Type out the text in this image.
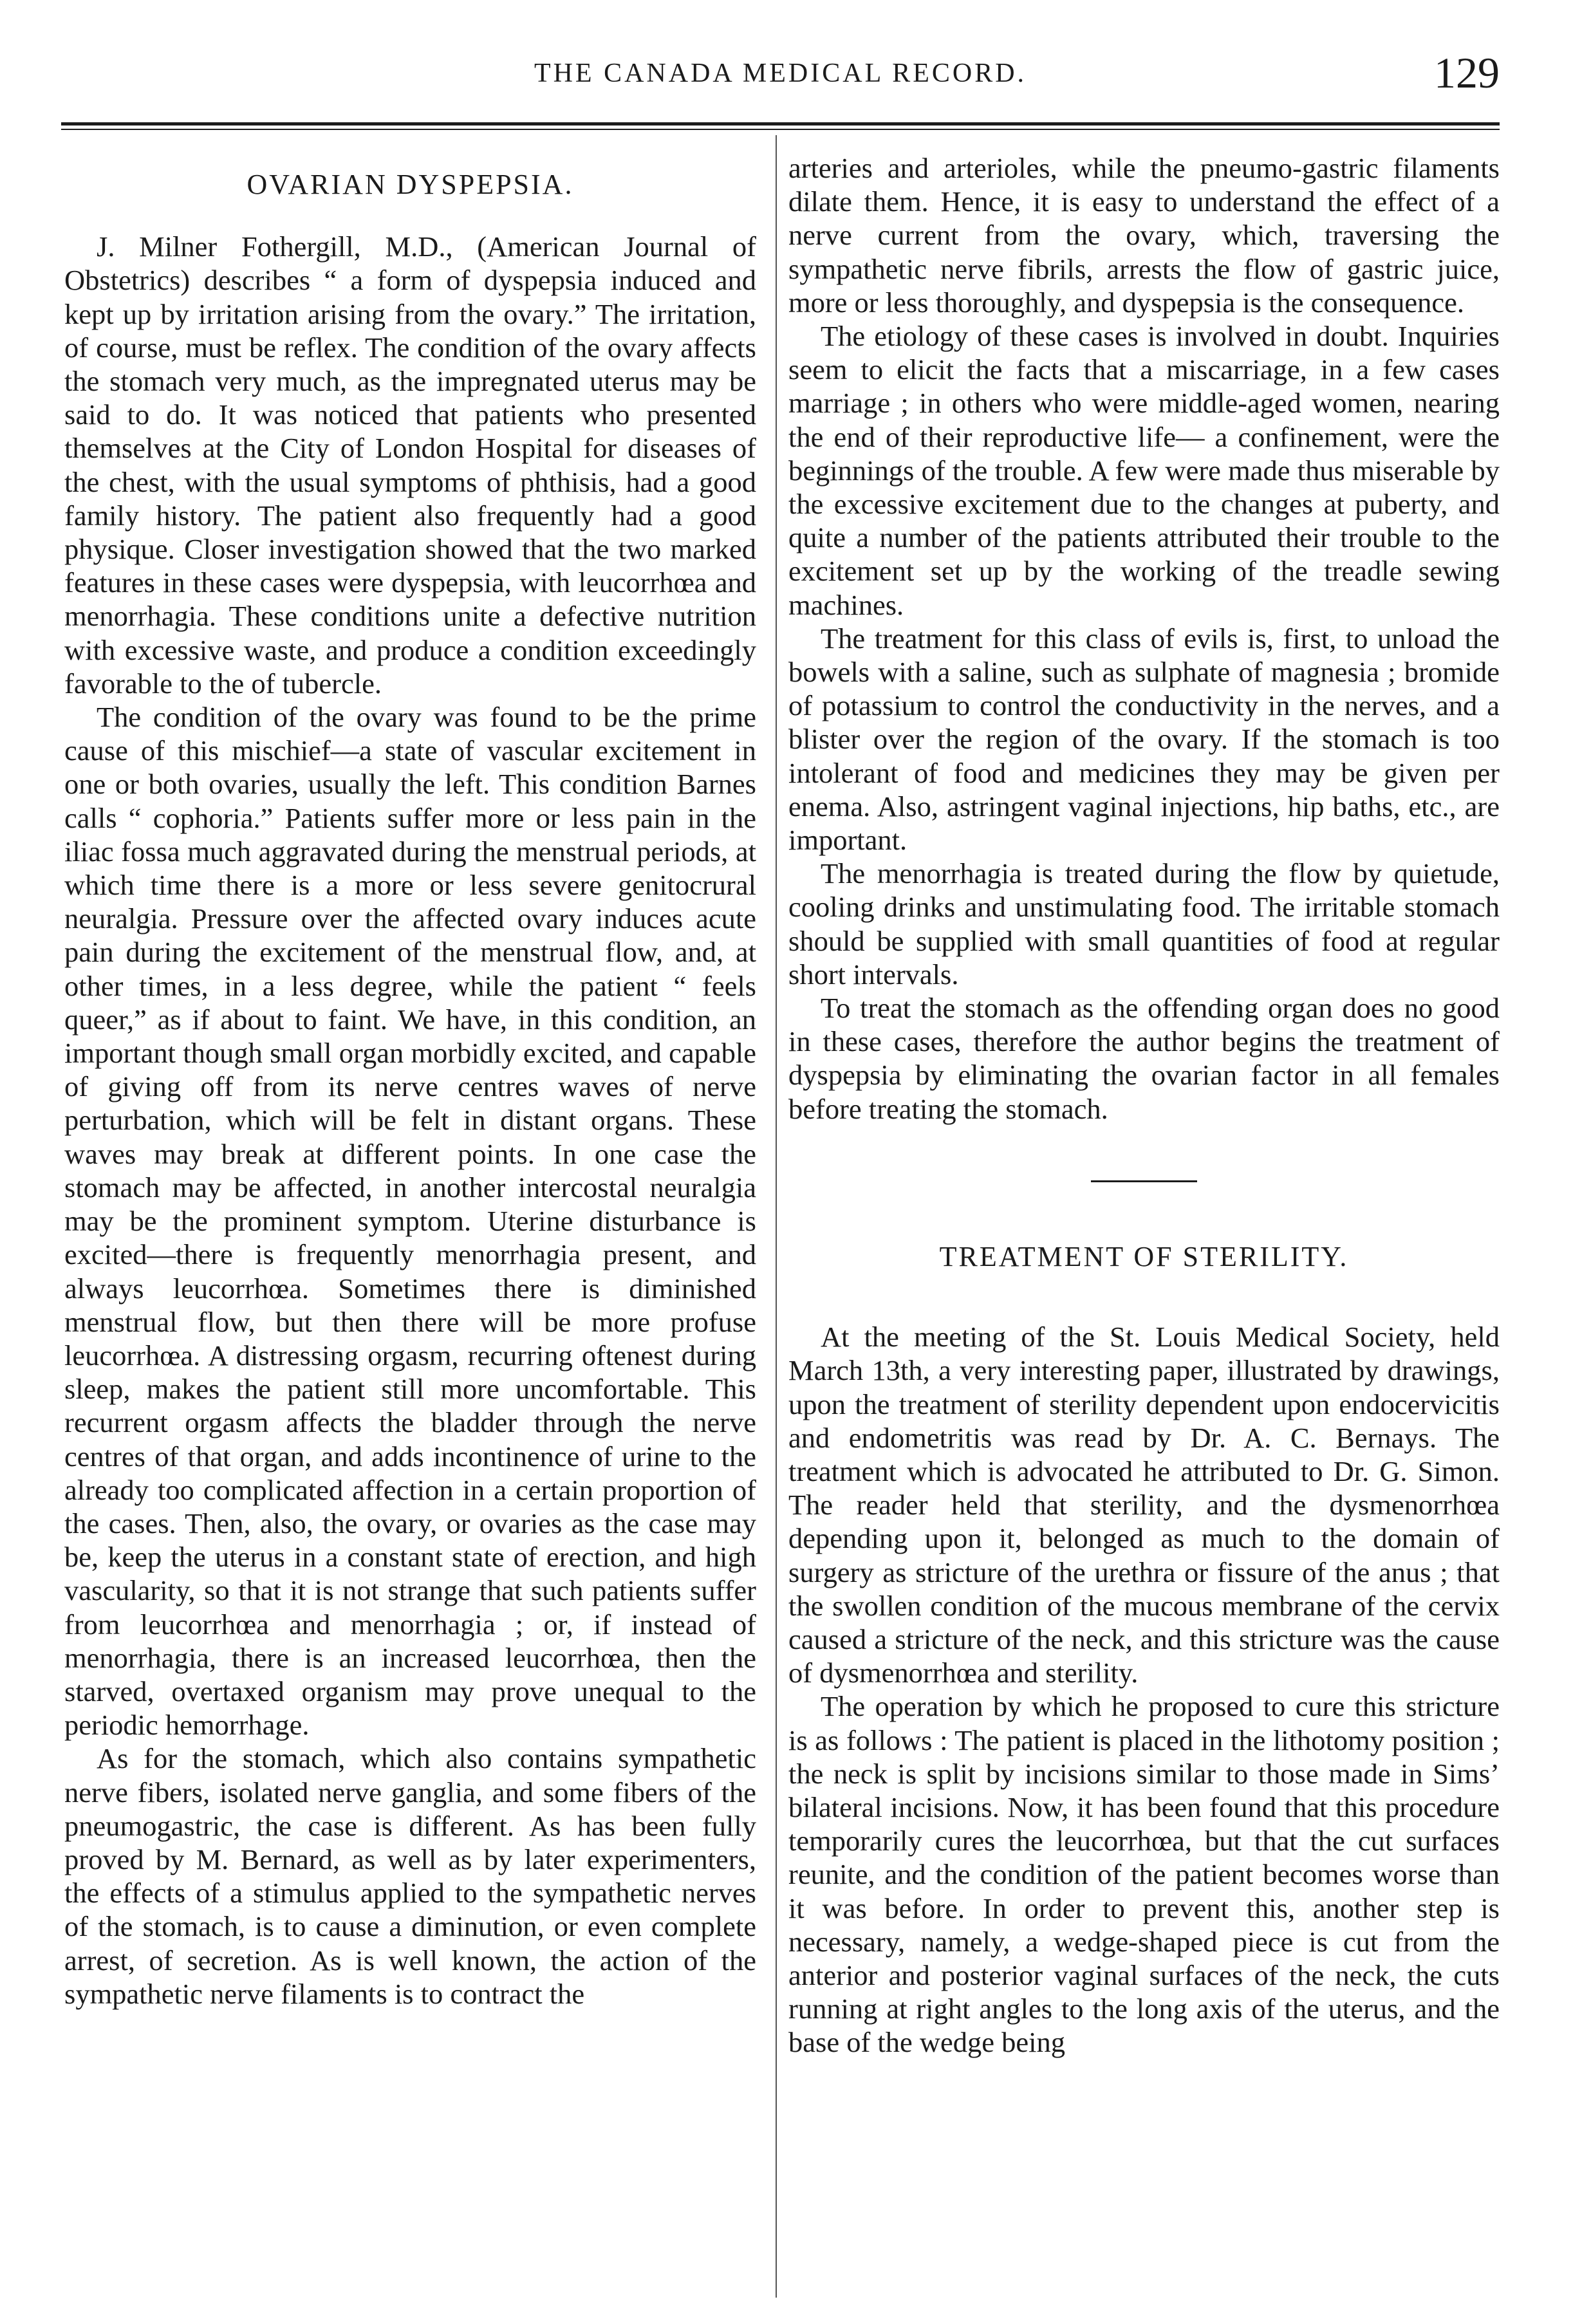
THE CANADA MEDICAL RECORD.	129
OVARIAN DYSPEPSIA.

J. Milner Fothergill, M.D., (American Journal of Obstetrics) describes “ a form of dyspepsia induced and kept up by irritation arising from the ovary.” The irritation, of course, must be reflex. The condition of the ovary affects the stomach very much, as the impregnated uterus may be said to do. It was noticed that patients who presented themselves at the City of London Hospital for diseases of the chest, with the usual symptoms of phthisis, had a good family history. The patient also frequently had a good physique. Closer investigation showed that the two marked features in these cases were dyspepsia, with leucorrhœa and menorrhagia. These conditions unite a defective nutrition with excessive waste, and produce a condition exceedingly favorable to the of tubercle.

The condition of the ovary was found to be the prime cause of this mischief—a state of vascular excitement in one or both ovaries, usually the left. This condition Barnes calls “ cophoria.” Patients suffer more or less pain in the iliac fossa much aggravated during the menstrual periods, at which time there is a more or less severe genitocrural neuralgia. Pressure over the affected ovary induces acute pain during the excitement of the menstrual flow, and, at other times, in a less degree, while the patient “ feels queer,” as if about to faint. We have, in this condition, an important though small organ morbidly excited, and capable of giving off from its nerve centres waves of nerve perturbation, which will be felt in distant organs. These waves may break at different points. In one case the stomach may be affected, in another intercostal neuralgia may be the prominent symptom. Uterine disturbance is excited—there is frequently menorrhagia present, and always leucorrhœa. Sometimes there is diminished menstrual flow, but then there will be more profuse leucorrhœa. A distressing orgasm, recurring oftenest during sleep, makes the patient still more uncomfortable. This recurrent orgasm affects the bladder through the nerve centres of that organ, and adds incontinence of urine to the already too complicated affection in a certain proportion of the cases. Then, also, the ovary, or ovaries as the case may be, keep the uterus in a constant state of erection, and high vascularity, so that it is not strange that such patients suffer from leucorrhœa and menorrhagia ; or, if instead of menorrhagia, there is an increased leucorrhœa, then the starved, overtaxed organism may prove unequal to the periodic hemorrhage.

As for the stomach, which also contains sympathetic nerve fibers, isolated nerve ganglia, and some fibers of the pneumogastric, the case is different. As has been fully proved by M. Bernard, as well as by later experimenters, the effects of a stimulus applied to the sympathetic nerves of the stomach, is to cause a diminution, or even complete arrest, of secretion. As is well known, the action of the sympathetic nerve filaments is to contract the

arteries and arterioles, while the pneumo-gastric filaments dilate them. Hence, it is easy to understand the effect of a nerve current from the ovary, which, traversing the sympathetic nerve fibrils, arrests the flow of gastric juice, more or less thoroughly, and dyspepsia is the consequence.

The etiology of these cases is involved in doubt. Inquiries seem to elicit the facts that a miscarriage, in a few cases marriage ; in others who were middle-aged women, nearing the end of their reproductive life— a confinement, were the beginnings of the trouble. A few were made thus miserable by the excessive excitement due to the changes at puberty, and quite a number of the patients attributed their trouble to the excitement set up by the working of the treadle sewing machines.

The treatment for this class of evils is, first, to unload the bowels with a saline, such as sulphate of magnesia ; bromide of potassium to control the conductivity in the nerves, and a blister over the region of the ovary. If the stomach is too intolerant of food and medicines they may be given per enema. Also, astringent vaginal injections, hip baths, etc., are important.

The menorrhagia is treated during the flow by quietude, cooling drinks and unstimulating food. The irritable stomach should be supplied with small quantities of food at regular short intervals.

To treat the stomach as the offending organ does no good in these cases, therefore the author begins the treatment of dyspepsia by eliminating the ovarian factor in all females before treating the stomach.

TREATMENT OF STERILITY.

At the meeting of the St. Louis Medical Society, held March 13th, a very interesting paper, illustrated by drawings, upon the treatment of sterility dependent upon endocervicitis and endometritis was read by Dr. A. C. Bernays. The treatment which is advocated he attributed to Dr. G. Simon. The reader held that sterility, and the dysmenorrhœa depending upon it, belonged as much to the domain of surgery as stricture of the urethra or fissure of the anus ; that the swollen condition of the mucous membrane of the cervix caused a stricture of the neck, and this stricture was the cause of dysmenorrhœa and sterility.

The operation by which he proposed to cure this stricture is as follows : The patient is placed in the lithotomy position ; the neck is split by incisions similar to those made in Sims’ bilateral incisions. Now, it has been found that this procedure temporarily cures the leucorrhœa, but that the cut surfaces reunite, and the condition of the patient becomes worse than it was before. In order to prevent this, another step is necessary, namely, a wedge-shaped piece is cut from the anterior and posterior vaginal surfaces of the neck, the cuts running at right angles to the long axis of the uterus, and the base of the wedge being
